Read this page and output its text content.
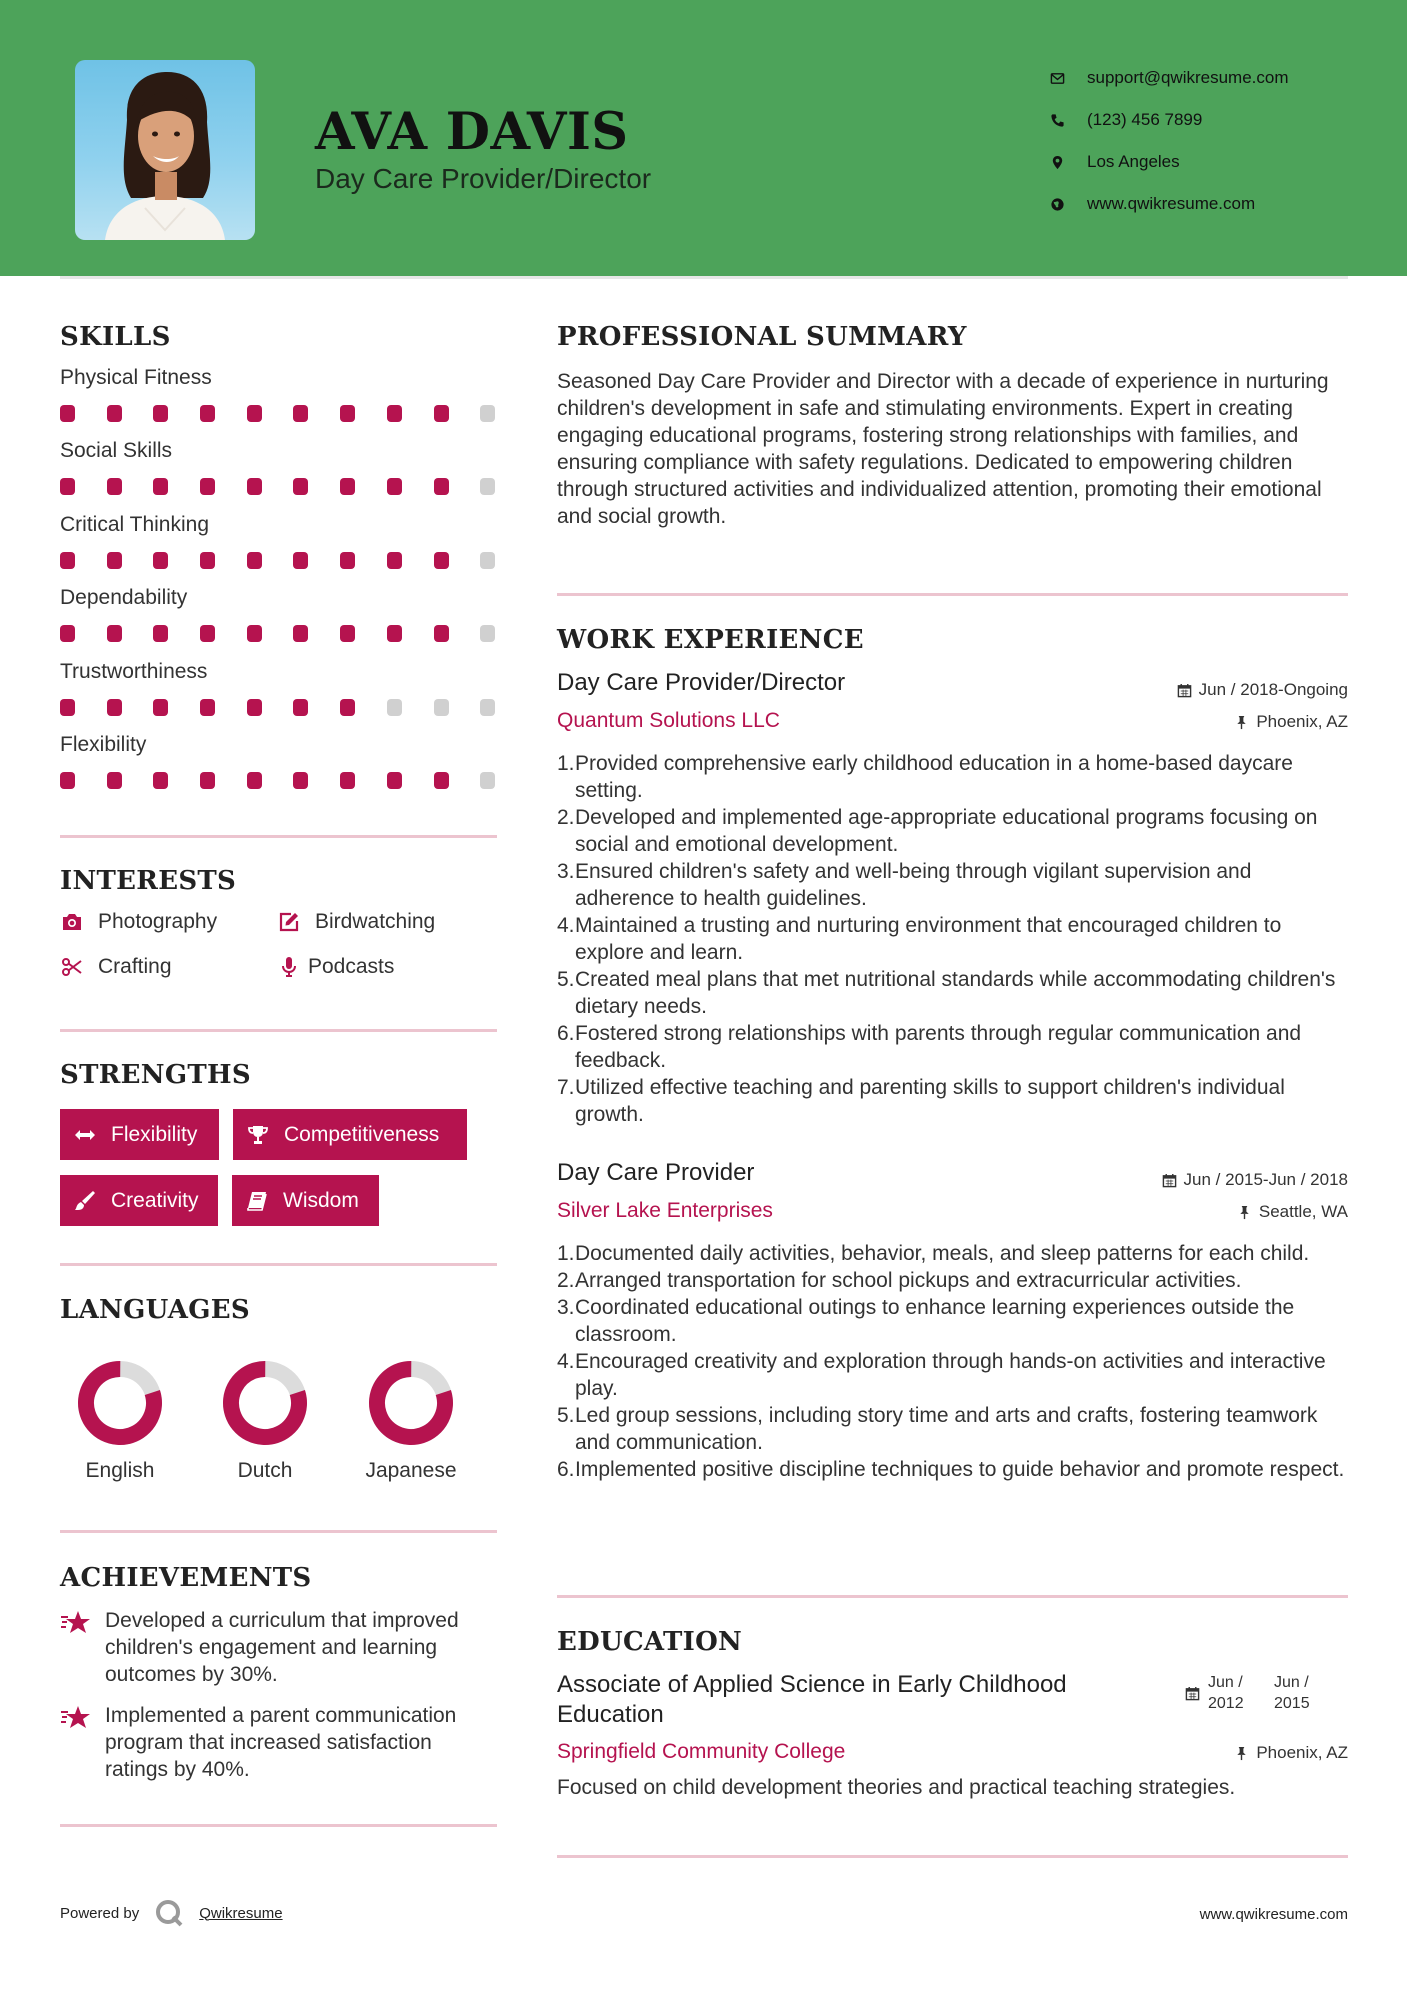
AVA DAVIS
Day Care Provider/Director
support@qwikresume.com
(123) 456 7899
Los Angeles
www.qwikresume.com
SKILLS
Physical Fitness
Social Skills
Critical Thinking
Dependability
Trustworthiness
Flexibility
INTERESTS
Photography	Birdwatching
Crafting	Podcasts
STRENGTHS
Flexibility	Competitiveness
Creativity	Wisdom
LANGUAGES
English	Dutch	Japanese
ACHIEVEMENTS
Developed a curriculum that improved children's engagement and learning outcomes by 30%.
Implemented a parent communication program that increased satisfaction ratings by 40%.
PROFESSIONAL SUMMARY
Seasoned Day Care Provider and Director with a decade of experience in nurturing children's development in safe and stimulating environments. Expert in creating engaging educational programs, fostering strong relationships with families, and ensuring compliance with safety regulations. Dedicated to empowering children through structured activities and individualized attention, promoting their emotional and social growth.
WORK EXPERIENCE
Day Care Provider/Director	Jun / 2018-Ongoing
Quantum Solutions LLC	Phoenix, AZ
1.
Provided comprehensive early childhood education in a home-based daycare setting.
2.
Developed and implemented age-appropriate educational programs focusing on social and emotional development.
3.
Ensured children's safety and well-being through vigilant supervision and adherence to health guidelines.
4.
Maintained a trusting and nurturing environment that encouraged children to explore and learn.
5.
Created meal plans that met nutritional standards while accommodating children's dietary needs.
6.
Fostered strong relationships with parents through regular communication and feedback.
7.
Utilized effective teaching and parenting skills to support children's individual growth.
Day Care Provider	Jun / 2015-Jun / 2018
Silver Lake Enterprises	Seattle, WA
1.
Documented daily activities, behavior, meals, and sleep patterns for each child.
2.
Arranged transportation for school pickups and extracurricular activities.
3.
Coordinated educational outings to enhance learning experiences outside the classroom.
4.
Encouraged creativity and exploration through hands-on activities and interactive play.
5.
Led group sessions, including story time and arts and crafts, fostering teamwork and communication.
6.
Implemented positive discipline techniques to guide behavior and promote respect.
EDUCATION
Associate of Applied Science in Early Childhood Education
Jun / 2012
Jun / 2015
Springfield Community College	Phoenix, AZ
Focused on child development theories and practical teaching strategies.
Powered by	Qwikresume	www.qwikresume.com
